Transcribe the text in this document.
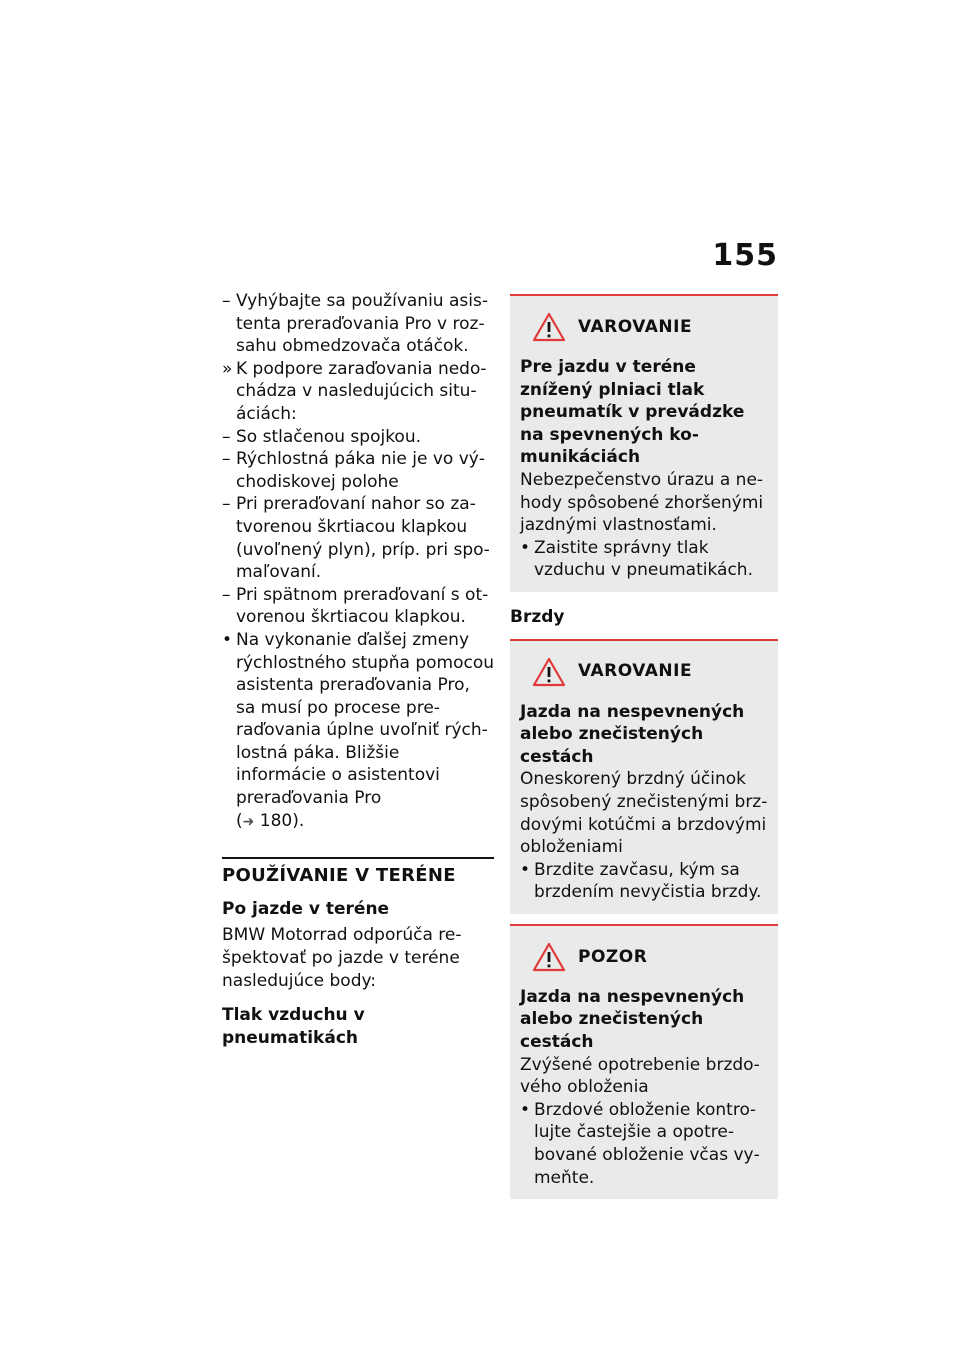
155

– Vyhýbajte sa používaniu asistenta preraďovania Pro v rozsahu obmedzovača otáčok.

» K podpore zaraďovania nedochádza v nasledujúcich situáciách:

– So stlačenou spojkou.

– Rýchlostná páka nie je vo východiskovej polohe

– Pri preraďovaní nahor so zatvorenou škrtiacou klapkou (uvoľnený plyn), príp. pri spomaľovaní.

– Pri spätnom preraďovaní s otvorenou škrtiacou klapkou.

• Na vykonanie ďalšej zmeny rýchlostného stupňa pomocou asistenta preraďovania Pro, sa musí po procese preraďovania úplne uvoľniť rýchlostná páka. Bližšie informácie o asistentovi preraďovania Pro

(➜ 180).

POUŽÍVANIE V TERÉNE
Po jazde v teréne

BMW Motorrad odporúča rešpektovať po jazde v teréne nasledujúce body:

Tlak vzduchu v pneumatikách
VAROVANIE

Pre jazdu v teréne znížený plniaci tlak pneumatík v prevádzke na spevnených komunikáciách

Nebezpečenstvo úrazu a nehody spôsobené zhoršenými jazdnými vlastnosťami.

• Zaistite správny tlak vzduchu v pneumatikách.

Brzdy
VAROVANIE

Jazda na nespevnených alebo znečistených cestách

Oneskorený brzdný účinok spôsobený znečistenými brzdovými kotúčmi a brzdovými obloženiami

• Brzdite zavčasu, kým sa brzdením nevyčistia brzdy.

POZOR

Jazda na nespevnených alebo znečistených cestách

Zvýšené opotrebenie brzdového obloženia

• Brzdové obloženie kontrolujte častejšie a opotrebované obloženie včas vymeňte.
